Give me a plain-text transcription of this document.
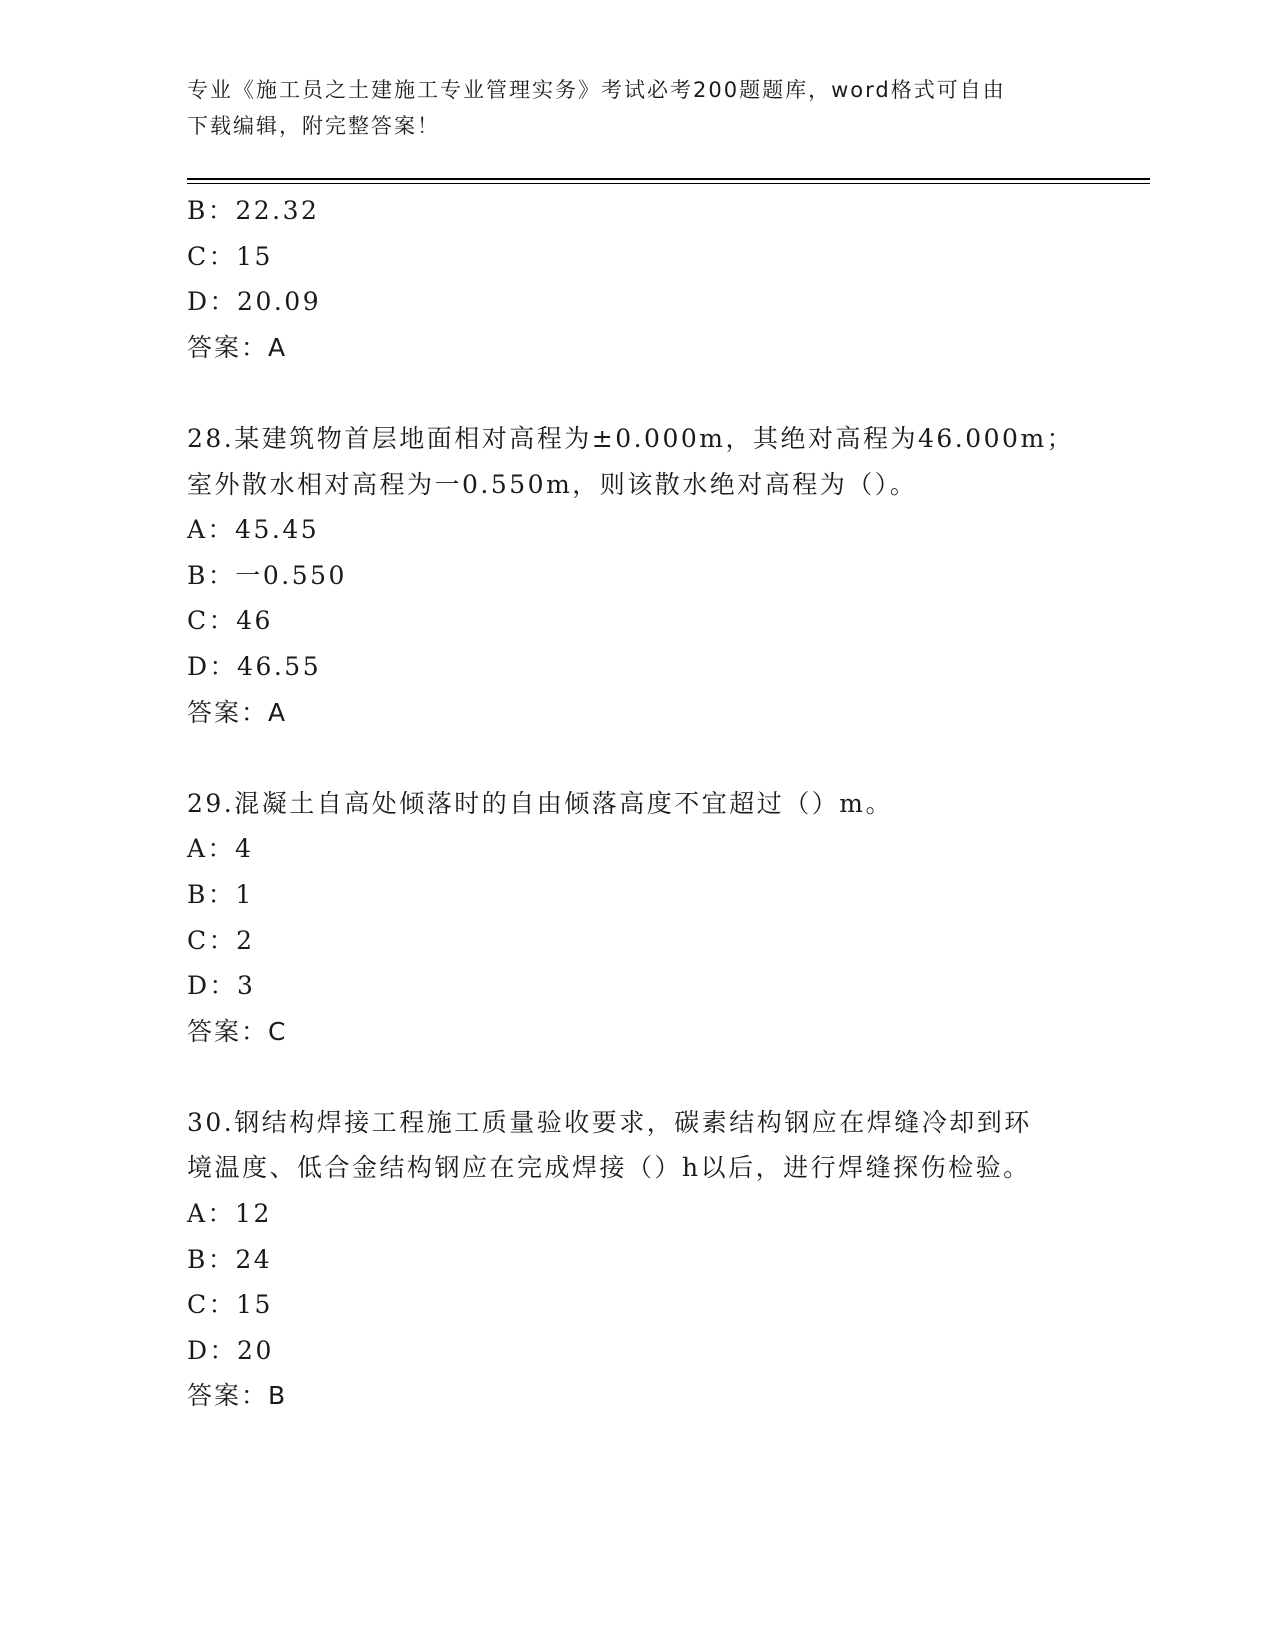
专业《施工员之土建施工专业管理实务》考试必考200题题库，word格式可自由
下载编辑，附完整答案！
B：22.32
C：15
D：20.09
答案：A
28.某建筑物首层地面相对高程为±0.000m，其绝对高程为46.000m；
室外散水相对高程为一0.550m，则该散水绝对高程为（）。
A：45.45
B：一0.550
C：46
D：46.55
答案：A
29.混凝土自高处倾落时的自由倾落高度不宜超过（）m。
A：4
B：1
C：2
D：3
答案：C
30.钢结构焊接工程施工质量验收要求，碳素结构钢应在焊缝冷却到环
境温度、低合金结构钢应在完成焊接（）h以后，进行焊缝探伤检验。
A：12
B：24
C：15
D：20
答案：B
